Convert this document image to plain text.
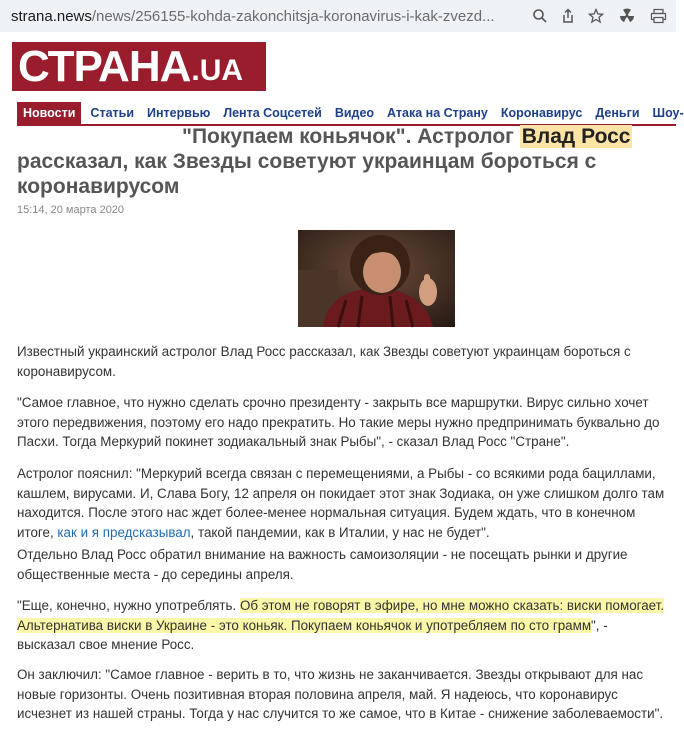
strana.news/news/256155-kohda-zakonchitsja-koronavirus-i-kak-zvezd...
СТРАНА .UA
Новости	Статьи Интервью Лента Соцсетей Видео Атака на Страну Коронавирус Деньги Шоу-
"Покупаем коньячок". Астролог Влад Росс рассказал, как Звезды советуют украинцам бороться с коронавирусом
15:14, 20 марта 2020

Известный украинский астролог Влад Росс рассказал, как Звезды советуют украинцам бороться с коронавирусом.

"Самое главное, что нужно сделать срочно президенту - закрыть все маршрутки. Вирус сильно хочет этого передвижения, поэтому его надо прекратить. Но такие меры нужно предпринимать буквально до Пасхи. Тогда Меркурий покинет зодиакальный знак Рыбы", - сказал Влад Росс "Стране".

Астролог пояснил: "Меркурий всегда связан с перемещениями, а Рыбы - со всякими рода бациллами, кашлем, вирусами. И, Слава Богу, 12 апреля он покидает этот знак Зодиака, он уже слишком долго там находится. После этого нас ждет более-менее нормальная ситуация. Будем ждать, что в конечном итоге, как и я предсказывал, такой пандемии, как в Италии, у нас не будет".

Отдельно Влад Росс обратил внимание на важность самоизоляции - не посещать рынки и другие общественные места - до середины апреля.

"Еще, конечно, нужно употреблять. Об этом не говорят в эфире, но мне можно сказать: виски помогает. Альтернатива виски в Украине - это коньяк. Покупаем коньячок и употребляем по сто грамм", - высказал свое мнение Росс.

Он заключил: "Самое главное - верить в то, что жизнь не заканчивается. Звезды открывают для нас новые горизонты. Очень позитивная вторая половина апреля, май. Я надеюсь, что коронавирус исчезнет из нашей страны. Тогда у нас случится то же самое, что в Китае - снижение заболеваемости".
